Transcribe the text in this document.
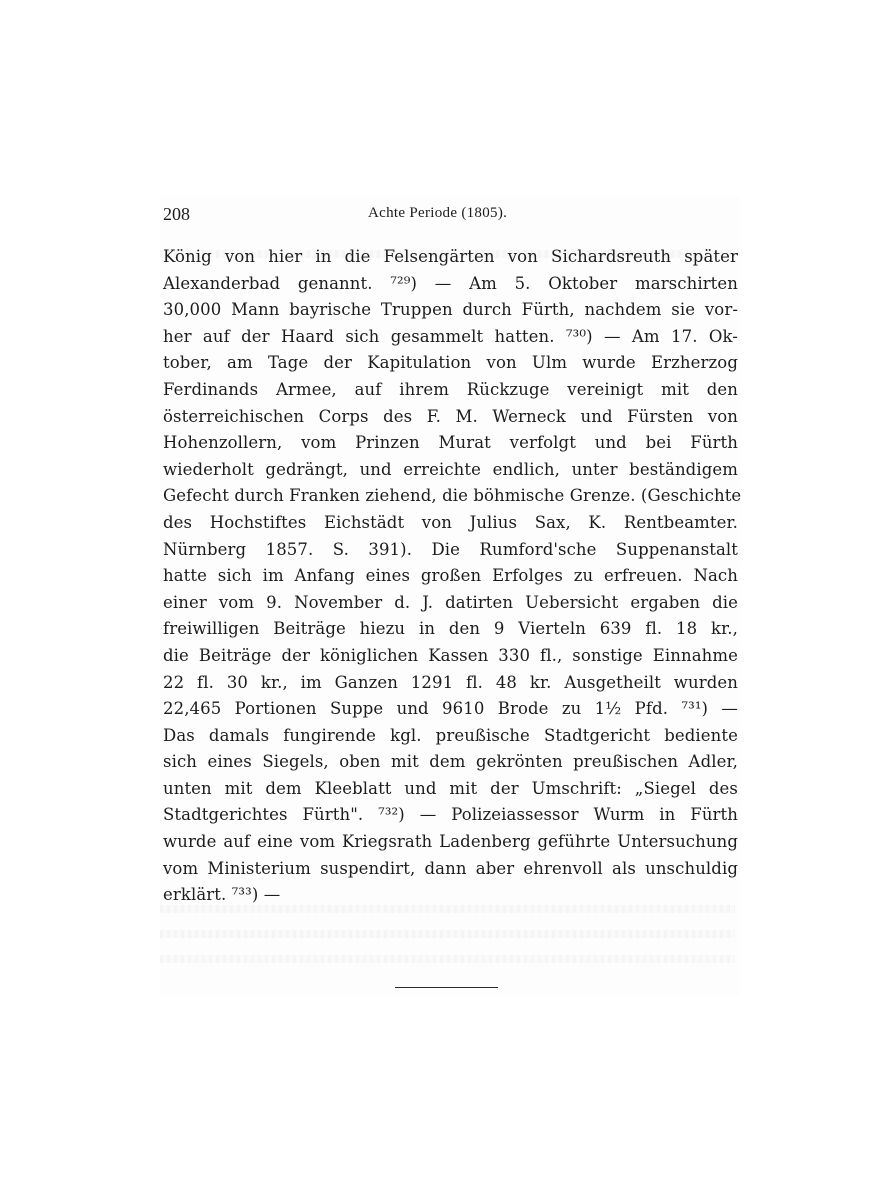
208	Achte Periode (1805).
König von hier in die Felsengärten von Sichardsreuth später
Alexanderbad genannt. ⁷²⁹) — Am 5. Oktober marschirten
30,000 Mann bayrische Truppen durch Fürth, nachdem sie vor-
her auf der Haard sich gesammelt hatten. ⁷³⁰) — Am 17. Ok-
tober, am Tage der Kapitulation von Ulm wurde Erzherzog
Ferdinands Armee, auf ihrem Rückzuge vereinigt mit den
österreichischen Corps des F. M. Werneck und Fürsten von
Hohenzollern, vom Prinzen Murat verfolgt und bei Fürth
wiederholt gedrängt, und erreichte endlich, unter beständigem
Gefecht durch Franken ziehend, die böhmische Grenze. (Geschichte
des Hochstiftes Eichstädt von Julius Sax, K. Rentbeamter.
Nürnberg 1857. S. 391). Die Rumford'sche Suppenanstalt
hatte sich im Anfang eines großen Erfolges zu erfreuen. Nach
einer vom 9. November d. J. datirten Uebersicht ergaben die
freiwilligen Beiträge hiezu in den 9 Vierteln 639 fl. 18 kr.,
die Beiträge der königlichen Kassen 330 fl., sonstige Einnahme
22 fl. 30 kr., im Ganzen 1291 fl. 48 kr. Ausgetheilt wurden
22,465 Portionen Suppe und 9610 Brode zu 1½ Pfd. ⁷³¹) —
Das damals fungirende kgl. preußische Stadtgericht bediente
sich eines Siegels, oben mit dem gekrönten preußischen Adler,
unten mit dem Kleeblatt und mit der Umschrift: „Siegel des
Stadtgerichtes Fürth". ⁷³²) — Polizeiassessor Wurm in Fürth
wurde auf eine vom Kriegsrath Ladenberg geführte Untersuchung
vom Ministerium suspendirt, dann aber ehrenvoll als unschuldig
erklärt. ⁷³³) —
